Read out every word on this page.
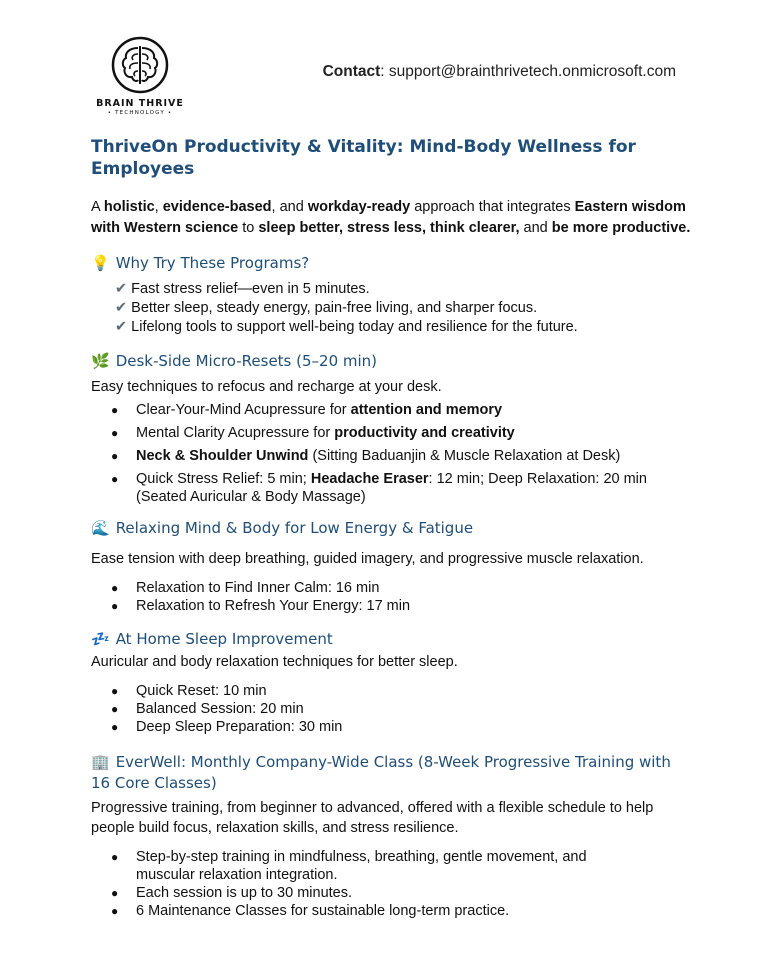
BRAIN THRIVE
• TECHNOLOGY •
Contact: support@brainthrivetech.onmicrosoft.com
ThriveOn Productivity & Vitality: Mind-Body Wellness for Employees

A holistic, evidence-based, and workday-ready approach that integrates Eastern wisdom with Western science to sleep better, stress less, think clearer, and be more productive.

💡 Why Try These Programs?
✔ Fast stress relief—even in 5 minutes.
✔ Better sleep, steady energy, pain-free living, and sharper focus.
✔ Lifelong tools to support well-being today and resilience for the future.
🌿 Desk-Side Micro-Resets (5–20 min)

Easy techniques to refocus and recharge at your desk.

● Clear-Your-Mind Acupressure for attention and memory
● Mental Clarity Acupressure for productivity and creativity
● Neck & Shoulder Unwind (Sitting Baduanjin & Muscle Relaxation at Desk)
● Quick Stress Relief: 5 min; Headache Eraser: 12 min; Deep Relaxation: 20 min (Seated Auricular & Body Massage)
🌊 Relaxing Mind & Body for Low Energy & Fatigue

Ease tension with deep breathing, guided imagery, and progressive muscle relaxation.

● Relaxation to Find Inner Calm: 16 min
● Relaxation to Refresh Your Energy: 17 min
💤 At Home Sleep Improvement

Auricular and body relaxation techniques for better sleep.

● Quick Reset: 10 min
● Balanced Session: 20 min
● Deep Sleep Preparation: 30 min
🏢 EverWell: Monthly Company-Wide Class (8-Week Progressive Training with 16 Core Classes)

Progressive training, from beginner to advanced, offered with a flexible schedule to help people build focus, relaxation skills, and stress resilience.

● Step-by-step training in mindfulness, breathing, gentle movement, and muscular relaxation integration.
● Each session is up to 30 minutes.
● 6 Maintenance Classes for sustainable long-term practice.
